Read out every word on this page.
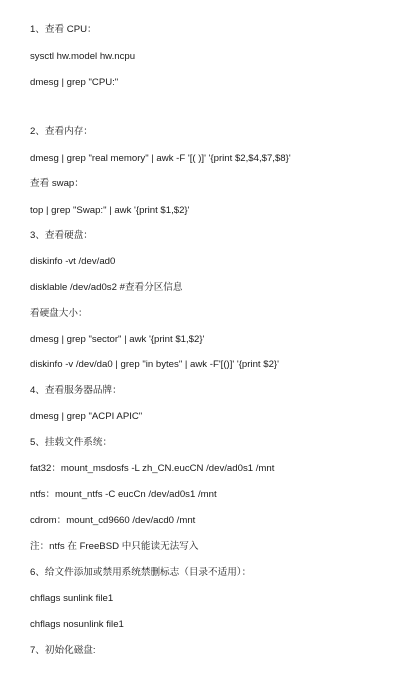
1、查看 CPU：
sysctl hw.model hw.ncpu
dmesg | grep "CPU:"
2、查看内存：
dmesg | grep "real memory" | awk -F '[( )]' '{print $2,$4,$7,$8}'
查看 swap：
top | grep "Swap:" | awk '{print $1,$2}'
3、查看硬盘：
diskinfo -vt /dev/ad0
disklable /dev/ad0s2 #查看分区信息
看硬盘大小：
dmesg | grep "sector" | awk '{print $1,$2}'
diskinfo -v /dev/da0 | grep "in bytes" | awk -F'[()]' '{print $2}'
4、查看服务器品牌：
dmesg | grep "ACPI APIC"
5、挂载文件系统：
fat32：mount_msdosfs -L zh_CN.eucCN /dev/ad0s1 /mnt
ntfs：mount_ntfs -C eucCn /dev/ad0s1 /mnt
cdrom：mount_cd9660 /dev/acd0 /mnt
注：ntfs 在 FreeBSD 中只能读无法写入
6、给文件添加或禁用系统禁删标志（目录不适用）：
chflags sunlink file1
chflags nosunlink file1
7、初始化磁盘:
